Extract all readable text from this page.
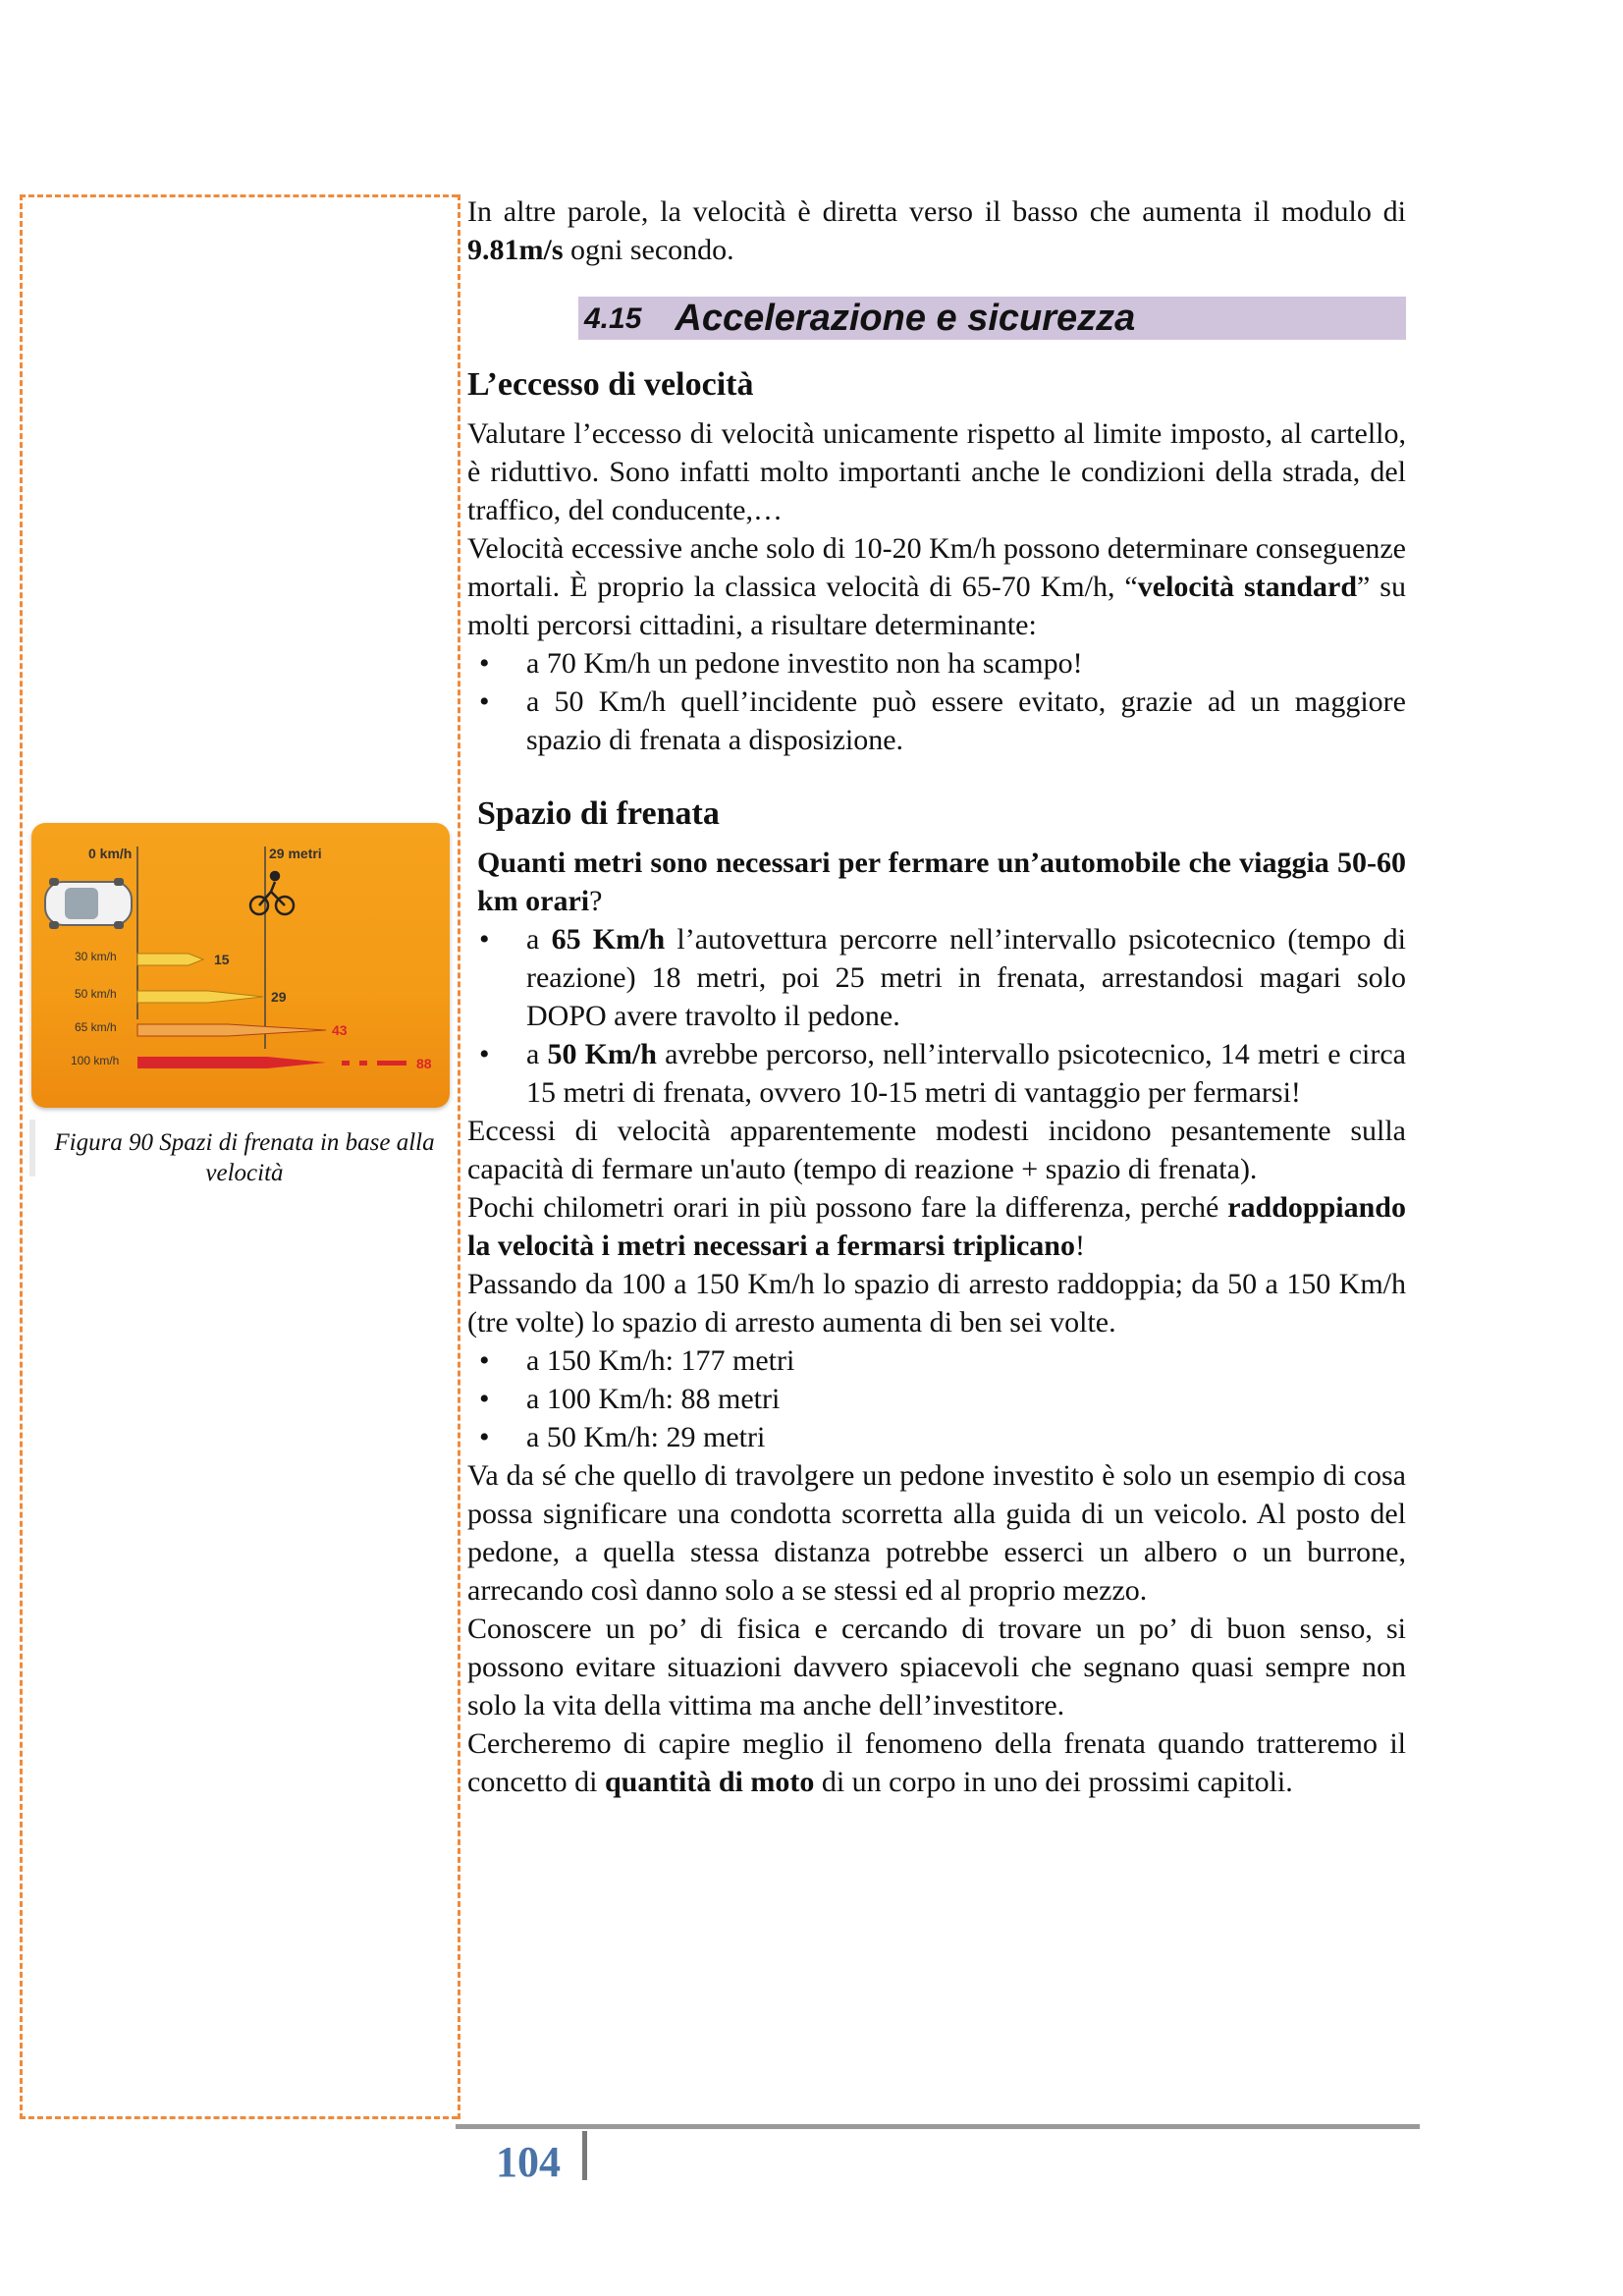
0 km/h	29 metri
30 km/h	15
50 km/h	29
65 km/h	43
100 km/h	88
Figura 90 Spazi di frenata in base alla velocità

In altre parole, la velocità è diretta verso il basso che aumenta il modulo di 9.81m/s ogni secondo.

4.15 Accelerazione e sicurezza
L’eccesso di velocità

Valutare l’eccesso di velocità unicamente rispetto al limite imposto, al cartello, è riduttivo. Sono infatti molto importanti anche le condizioni della strada, del traffico, del conducente,…

Velocità eccessive anche solo di 10-20 Km/h possono determinare conseguenze mortali. È proprio la classica velocità di 65-70 Km/h, “velocità standard” su molti percorsi cittadini, a risultare determinante:

• a 70 Km/h un pedone investito non ha scampo!
• a 50 Km/h quell’incidente può essere evitato, grazie ad un maggiore spazio di frenata a disposizione.
Spazio di frenata

Quanti metri sono necessari per fermare un’automobile che viaggia 50-60 km orari?

• a 65 Km/h l’autovettura percorre nell’intervallo psicotecnico (tempo di reazione) 18 metri, poi 25 metri in frenata, arrestandosi magari solo DOPO avere travolto il pedone.
• a 50 Km/h avrebbe percorso, nell’intervallo psicotecnico, 14 metri e circa 15 metri di frenata, ovvero 10-15 metri di vantaggio per fermarsi!

Eccessi di velocità apparentemente modesti incidono pesantemente sulla capacità di fermare un'auto (tempo di reazione + spazio di frenata).

Pochi chilometri orari in più possono fare la differenza, perché raddoppiando la velocità i metri necessari a fermarsi triplicano!

Passando da 100 a 150 Km/h lo spazio di arresto raddoppia; da 50 a 150 Km/h (tre volte) lo spazio di arresto aumenta di ben sei volte.

• a 150 Km/h: 177 metri
• a 100 Km/h: 88 metri
• a 50 Km/h: 29 metri

Va da sé che quello di travolgere un pedone investito è solo un esempio di cosa possa significare una condotta scorretta alla guida di un veicolo. Al posto del pedone, a quella stessa distanza potrebbe esserci un albero o un burrone, arrecando così danno solo a se stessi ed al proprio mezzo.

Conoscere un po’ di fisica e cercando di trovare un po’ di buon senso, si possono evitare situazioni davvero spiacevoli che segnano quasi sempre non solo la vita della vittima ma anche dell’investitore.

Cercheremo di capire meglio il fenomeno della frenata quando tratteremo il concetto di quantità di moto di un corpo in uno dei prossimi capitoli.

104
